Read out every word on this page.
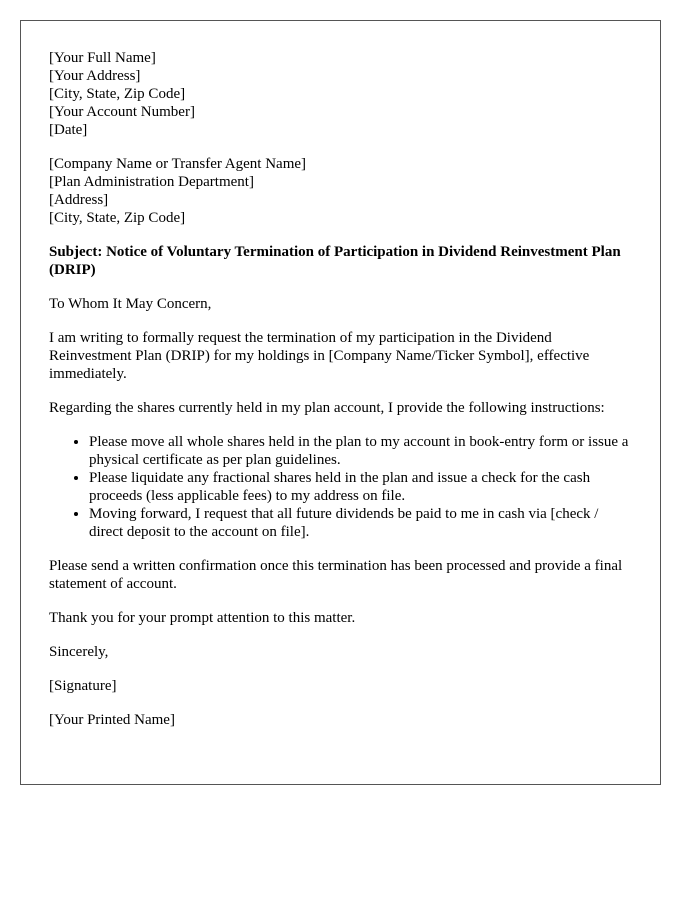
[Your Full Name]
[Your Address]
[City, State, Zip Code]
[Your Account Number]
[Date]

[Company Name or Transfer Agent Name]
[Plan Administration Department]
[Address]
[City, State, Zip Code]

Subject: Notice of Voluntary Termination of Participation in Dividend Reinvestment Plan (DRIP)

To Whom It May Concern,

I am writing to formally request the termination of my participation in the Dividend Reinvestment Plan (DRIP) for my holdings in [Company Name/Ticker Symbol], effective immediately.

Regarding the shares currently held in my plan account, I provide the following instructions:

• Please move all whole shares held in the plan to my account in book-entry form or issue a physical certificate as per plan guidelines.
• Please liquidate any fractional shares held in the plan and issue a check for the cash proceeds (less applicable fees) to my address on file.
• Moving forward, I request that all future dividends be paid to me in cash via [check / direct deposit to the account on file].

Please send a written confirmation once this termination has been processed and provide a final statement of account.

Thank you for your prompt attention to this matter.

Sincerely,

[Signature]

[Your Printed Name]
